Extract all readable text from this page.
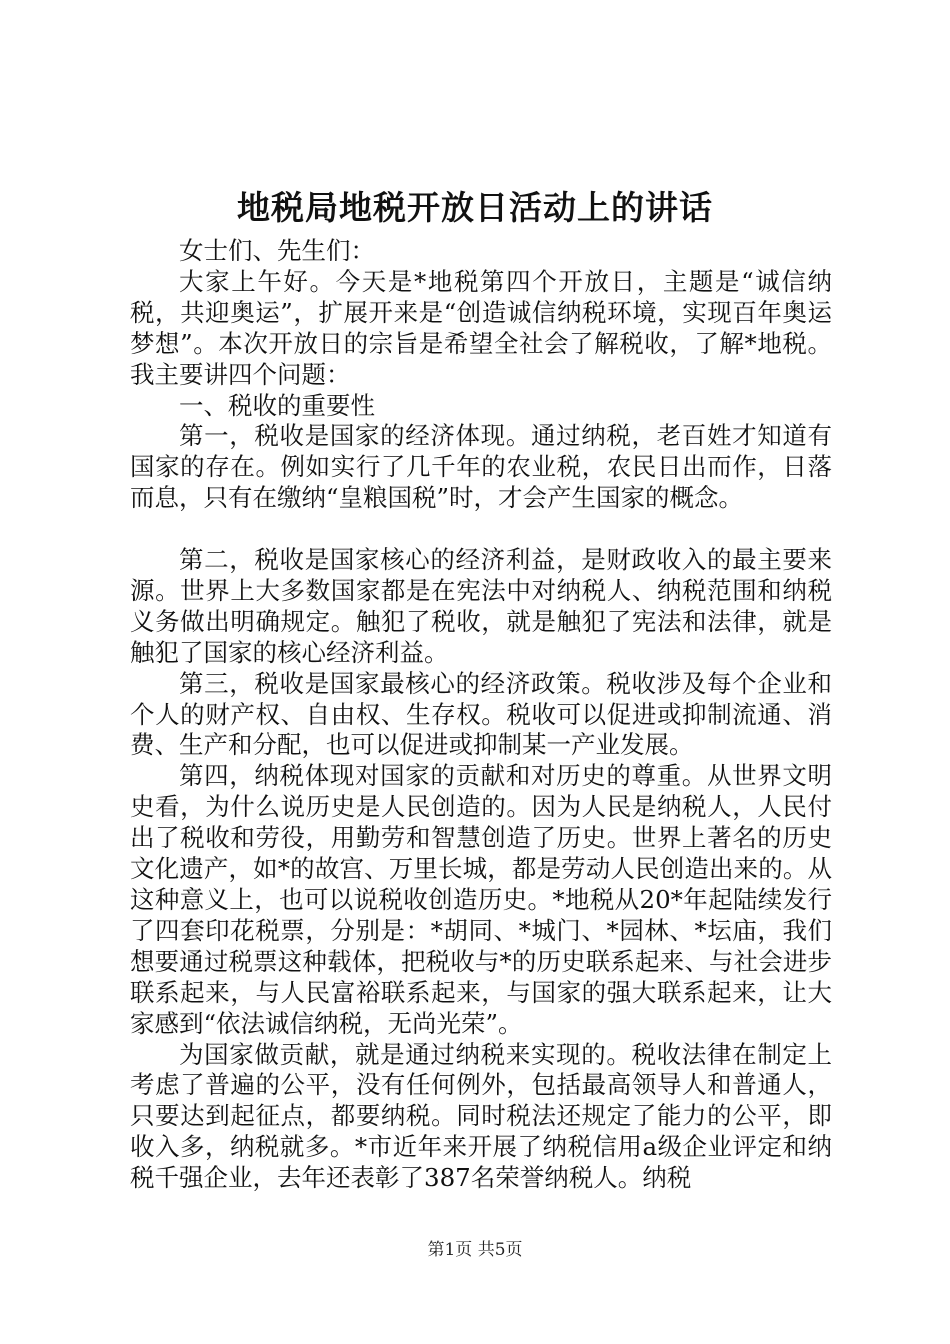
地税局地税开放日活动上的讲话

女士们、先生们：

大家上午好。今天是*地税第四个开放日，主题是“诚信纳税，共迎奥运”，扩展开来是“创造诚信纳税环境，实现百年奥运梦想”。本次开放日的宗旨是希望全社会了解税收，了解*地税。我主要讲四个问题：

一、税收的重要性

第一，税收是国家的经济体现。通过纳税，老百姓才知道有国家的存在。例如实行了几千年的农业税，农民日出而作，日落而息，只有在缴纳“皇粮国税”时，才会产生国家的概念。

第二，税收是国家核心的经济利益，是财政收入的最主要来源。世界上大多数国家都是在宪法中对纳税人、纳税范围和纳税义务做出明确规定。触犯了税收，就是触犯了宪法和法律，就是触犯了国家的核心经济利益。

第三，税收是国家最核心的经济政策。税收涉及每个企业和个人的财产权、自由权、生存权。税收可以促进或抑制流通、消费、生产和分配，也可以促进或抑制某一产业发展。

第四，纳税体现对国家的贡献和对历史的尊重。从世界文明史看，为什么说历史是人民创造的。因为人民是纳税人，人民付出了税收和劳役，用勤劳和智慧创造了历史。世界上著名的历史文化遗产，如*的故宫、万里长城，都是劳动人民创造出来的。从这种意义上，也可以说税收创造历史。*地税从20*年起陆续发行了四套印花税票，分别是：*胡同、*城门、*园林、*坛庙，我们想要通过税票这种载体，把税收与*的历史联系起来、与社会进步联系起来，与人民富裕联系起来，与国家的强大联系起来，让大家感到“依法诚信纳税，无尚光荣”。

为国家做贡献，就是通过纳税来实现的。税收法律在制定上考虑了普遍的公平，没有任何例外，包括最高领导人和普通人，只要达到起征点，都要纳税。同时税法还规定了能力的公平，即收入多，纳税就多。*市近年来开展了纳税信用a级企业评定和纳税千强企业，去年还表彰了387名荣誉纳税人。纳税

第1页 共5页
